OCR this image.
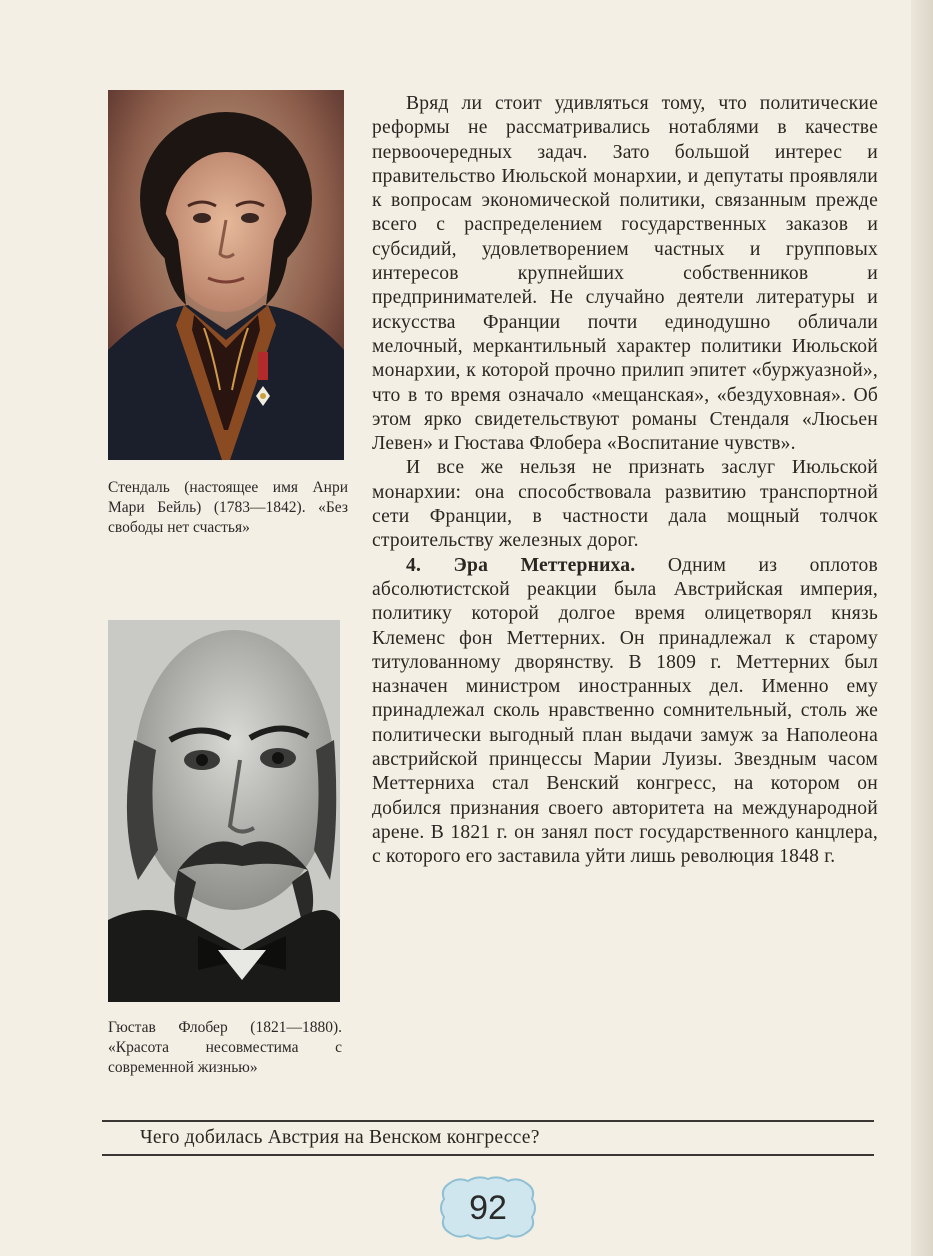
Стендаль (настоящее имя Анри Мари Бейль) (1783—1842). «Без свободы нет счастья»
Гюстав Флобер (1821—1880). «Красота несовместима с современной жизнью»

Вряд ли стоит удивляться тому, что политические реформы не рассматривались нотаблями в качестве первоочередных задач. Зато большой интерес и правительство Июльской монархии, и депутаты проявляли к вопросам экономической политики, связанным прежде всего с распределением государственных заказов и субсидий, удовлетворением частных и групповых интересов крупнейших собственников и предпринимателей. Не случайно деятели литературы и искусства Франции почти единодушно обличали мелочный, меркантильный характер политики Июльской монархии, к которой прочно прилип эпитет «буржуазной», что в то время означало «мещанская», «бездуховная». Об этом ярко свидетельствуют романы Стендаля «Люсьен Левен» и Гюстава Флобера «Воспитание чувств».

И все же нельзя не признать заслуг Июльской монархии: она способствовала развитию транспортной сети Франции, в частности дала мощный толчок строительству железных дорог.

4. Эра Меттерниха. Одним из оплотов абсолютистской реакции была Австрийская империя, политику которой долгое время олицетворял князь Клеменс фон Меттерних. Он принадлежал к старому титулованному дворянству. В 1809 г. Меттерних был назначен министром иностранных дел. Именно ему принадлежал сколь нравственно сомнительный, столь же политически выгодный план выдачи замуж за Наполеона австрийской принцессы Марии Луизы. Звездным часом Меттерниха стал Венский конгресс, на котором он добился признания своего авторитета на международной арене. В 1821 г. он занял пост государственного канцлера, с которого его заставила уйти лишь революция 1848 г.

Чего добилась Австрия на Венском конгрессе?
92
